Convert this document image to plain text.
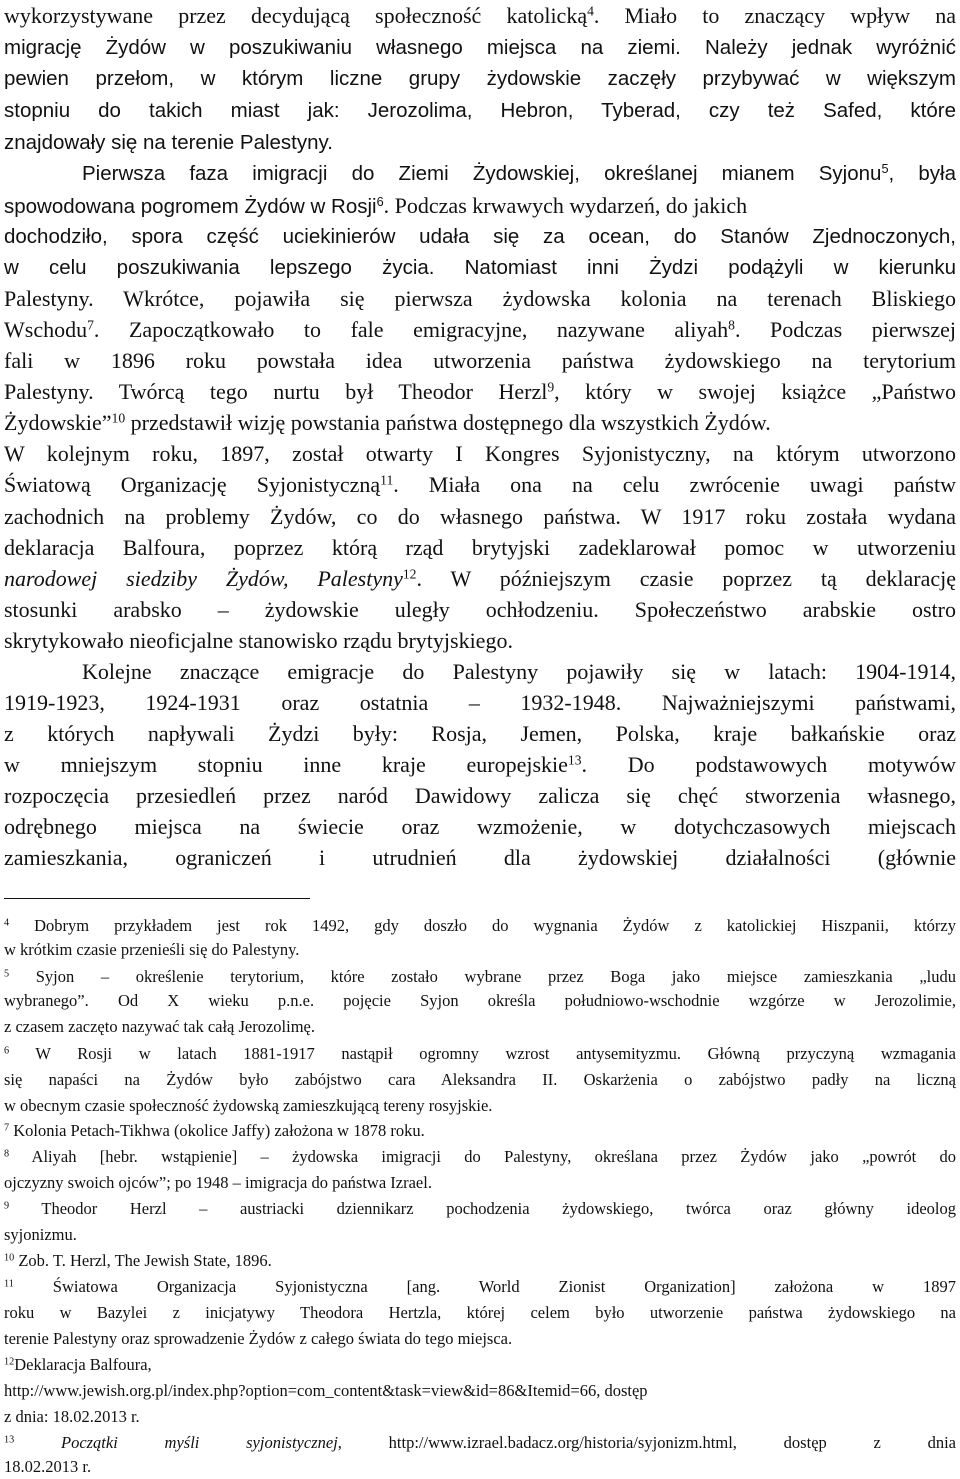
wykorzystywane przez decydującą społeczność katolicką$^4$. Miało to znaczący wpływ na
migrację Żydów w poszukiwaniu własnego miejsca na ziemi. Należy jednak wyróżnić
pewien przełom, w którym liczne grupy żydowskie zaczęły przybywać w większym
stopniu do takich miast jak: Jerozolima, Hebron, Tyberad, czy też Safed, które
znajdowały się na terenie Palestyny.
Pierwsza faza imigracji do Ziemi Żydowskiej, określanej mianem Syjonu$^5$, była
spowodowana pogromem Żydów w Rosji$^6$. Podczas krwawych wydarzeń, do jakich
dochodziło, spora część uciekinierów udała się za ocean, do Stanów Zjednoczonych,
w celu poszukiwania lepszego życia. Natomiast inni Żydzi podążyli w kierunku
Palestyny. Wkrótce, pojawiła się pierwsza żydowska kolonia na terenach Bliskiego
Wschodu$^7$. Zapoczątkowało to fale emigracyjne, nazywane aliyah$^8$. Podczas pierwszej
fali w 1896 roku powstała idea utworzenia państwa żydowskiego na terytorium
Palestyny. Twórcą tego nurtu był Theodor Herzl$^9$, który w swojej książce „Państwo
Żydowskie”$^{10}$ przedstawił wizję powstania państwa dostępnego dla wszystkich Żydów.
W kolejnym roku, 1897, został otwarty I Kongres Syjonistyczny, na którym utworzono
Światową Organizację Syjonistyczną$^{11}$. Miała ona na celu zwrócenie uwagi państw
zachodnich na problemy Żydów, co do własnego państwa. W 1917 roku została wydana
deklaracja Balfoura, poprzez którą rząd brytyjski zadeklarował pomoc w utworzeniu
narodowej siedziby Żydów, Palestyny$^{12}$. W późniejszym czasie poprzez tą deklarację
stosunki arabsko – żydowskie uległy ochłodzeniu. Społeczeństwo arabskie ostro
skrytykowało nieoficjalne stanowisko rządu brytyjskiego.
Kolejne znaczące emigracje do Palestyny pojawiły się w latach: 1904-1914,
1919-1923, 1924-1931 oraz ostatnia – 1932-1948. Najważniejszymi państwami,
z których napływali Żydzi były: Rosja, Jemen, Polska, kraje bałkańskie oraz
w mniejszym stopniu inne kraje europejskie$^{13}$. Do podstawowych motywów
rozpoczęcia przesiedleń przez naród Dawidowy zalicza się chęć stworzenia własnego,
odrębnego miejsca na świecie oraz wzmożenie, w dotychczasowych miejscach
zamieszkania, ograniczeń i utrudnień dla żydowskiej działalności (głównie
$^4$ Dobrym przykładem jest rok 1492, gdy doszło do wygnania Żydów z katolickiej Hiszpanii, którzy
w krótkim czasie przenieśli się do Palestyny.
$^5$ Syjon – określenie terytorium, które zostało wybrane przez Boga jako miejsce zamieszkania „ludu
wybranego”. Od X wieku p.n.e. pojęcie Syjon określa południowo-wschodnie wzgórze w Jerozolimie,
z czasem zaczęto nazywać tak całą Jerozolimę.
$^6$ W Rosji w latach 1881-1917 nastąpił ogromny wzrost antysemityzmu. Główną przyczyną wzmagania
się napaści na Żydów było zabójstwo cara Aleksandra II. Oskarżenia o zabójstwo padły na liczną
w obecnym czasie społeczność żydowską zamieszkującą tereny rosyjskie.
$^7$ Kolonia Petach-Tikhwa (okolice Jaffy) założona w 1878 roku.
$^8$ Aliyah [hebr. wstąpienie] – żydowska imigracji do Palestyny, określana przez Żydów jako „powrót do
ojczyzny swoich ojców”; po 1948 – imigracja do państwa Izrael.
$^9$ Theodor Herzl – austriacki dziennikarz pochodzenia żydowskiego, twórca oraz główny ideolog
syjonizmu.
$^{10}$ Zob. T. Herzl, The Jewish State, 1896.
$^{11}$ Światowa Organizacja Syjonistyczna [ang. World Zionist Organization] założona w 1897
roku w Bazylei z inicjatywy Theodora Hertzla, której celem było utworzenie państwa żydowskiego na
terenie Palestyny oraz sprowadzenie Żydów z całego świata do tego miejsca.
$^{12}$Deklaracja Balfoura,
http://www.jewish.org.pl/index.php?option=com_content&task=view&id=86&Itemid=66, dostęp
z dnia: 18.02.2013 r.
$^{13}$	Początki myśli syjonistycznej, http://www.izrael.badacz.org/historia/syjonizm.html, dostęp z dnia
18.02.2013 r.
